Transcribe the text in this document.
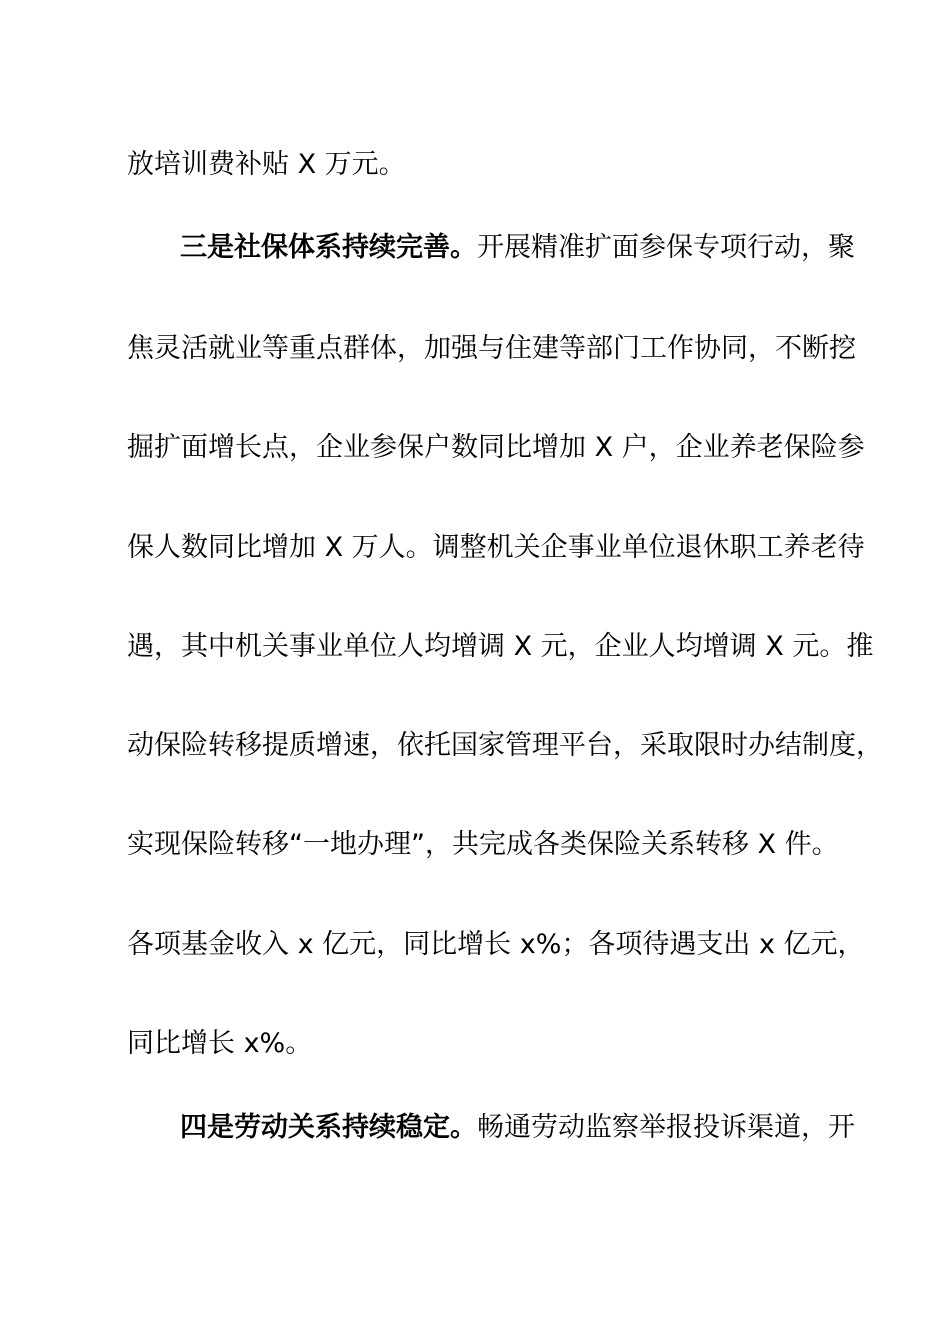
放培训费补贴 X 万元。
三是社保体系持续完善。开展精准扩面参保专项行动，聚
焦灵活就业等重点群体，加强与住建等部门工作协同，不断挖
掘扩面增长点，企业参保户数同比增加 X 户，企业养老保险参
保人数同比增加 X 万人。调整机关企事业单位退休职工养老待
遇，其中机关事业单位人均增调 X 元，企业人均增调 X 元。推
动保险转移提质增速，依托国家管理平台，采取限时办结制度，
实现保险转移“一地办理”，共完成各类保险关系转移 X 件。
各项基金收入 x 亿元，同比增长 x%；各项待遇支出 x 亿元，
同比增长 x%。
四是劳动关系持续稳定。畅通劳动监察举报投诉渠道，开
